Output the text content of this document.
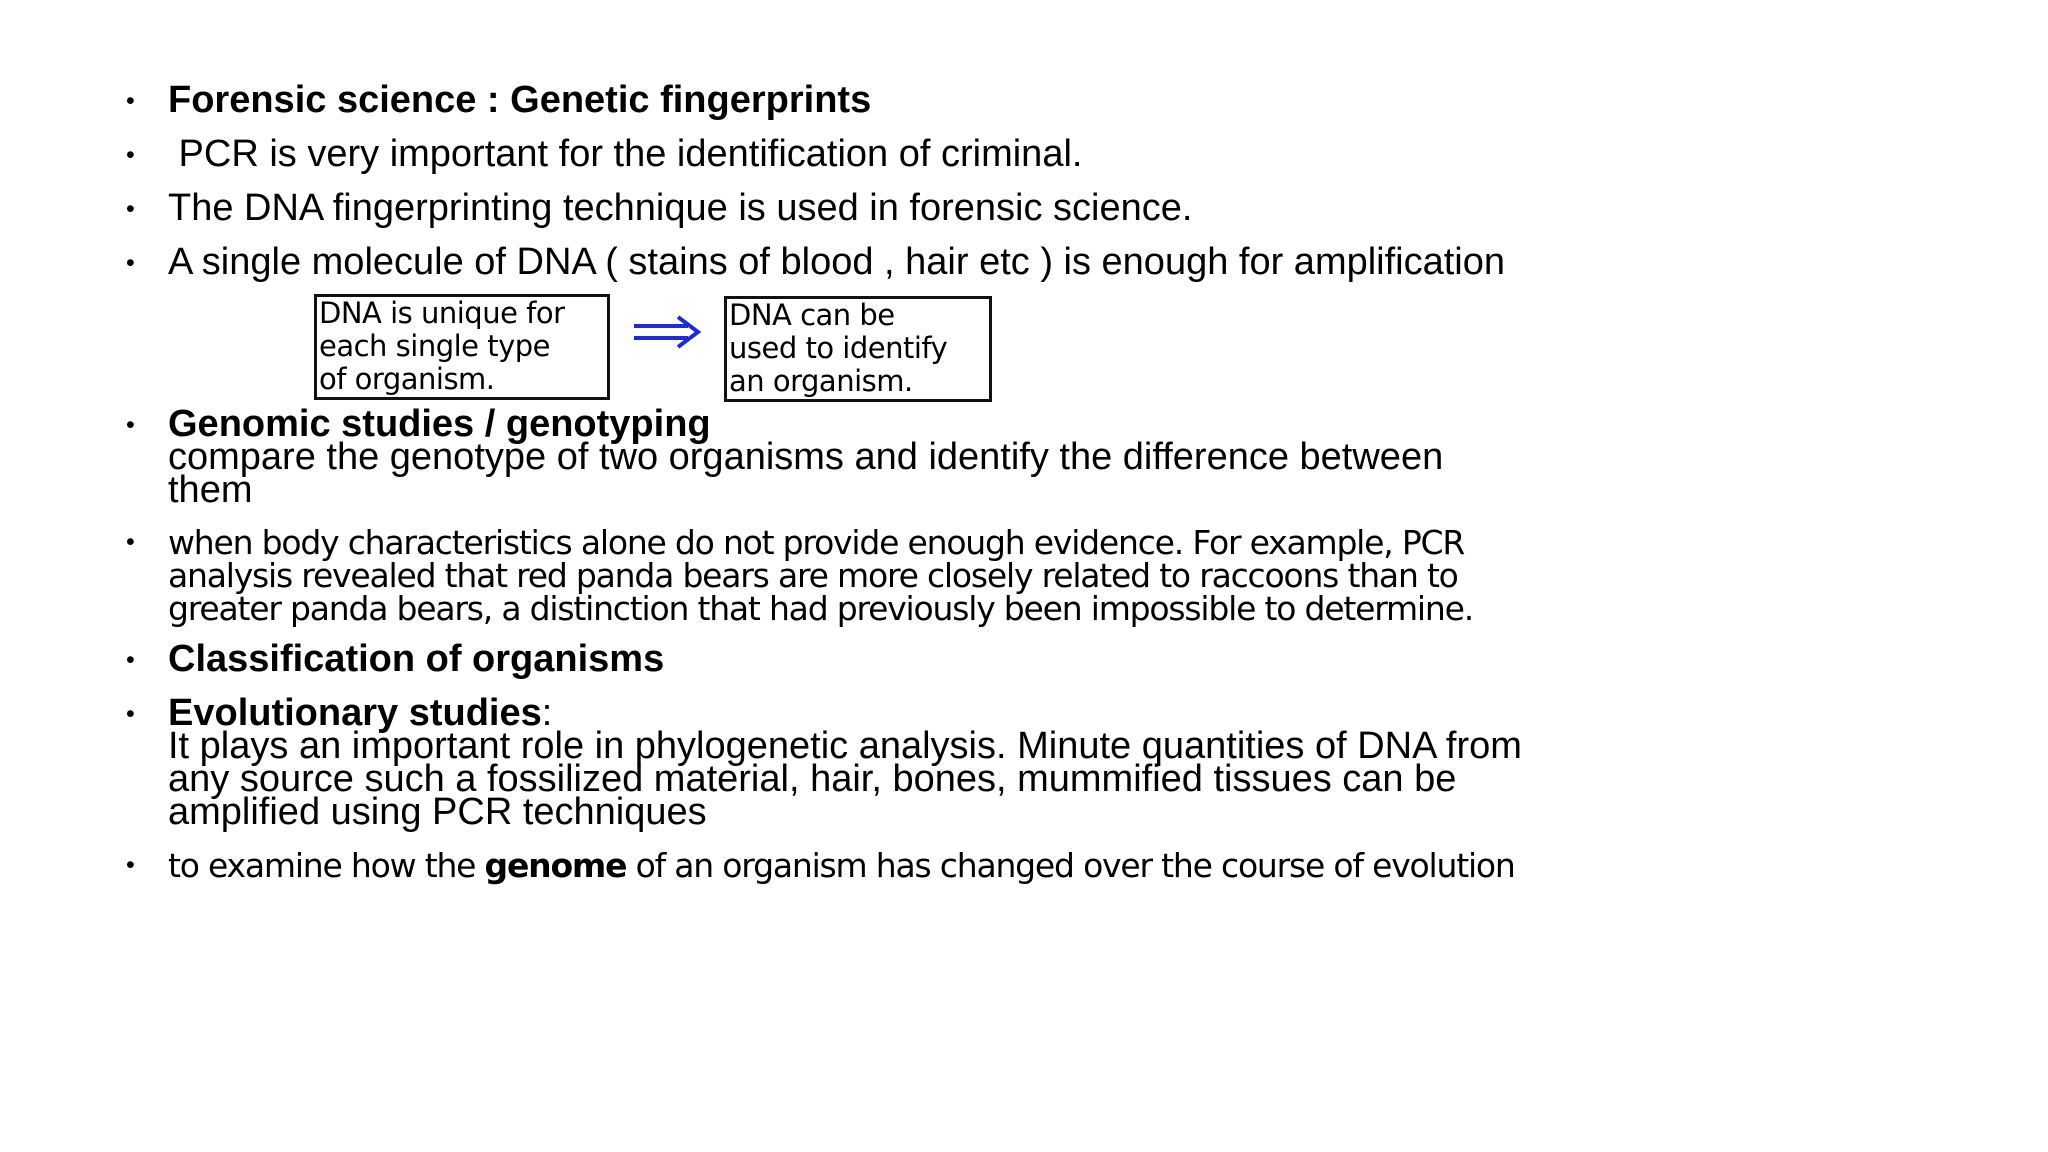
• Forensic science : Genetic fingerprints
• PCR is very important for the identification of criminal.
• The DNA fingerprinting technique is used in forensic science.
• A single molecule of DNA ( stains of blood , hair etc ) is enough for amplification
DNA is unique for
each single type
of organism.
DNA can be
used to identify
an organism.
• Genomic studies / genotyping
compare the genotype of two organisms and identify the difference between
them
• when body characteristics alone do not provide enough evidence. For example, PCR
analysis revealed that red panda bears are more closely related to raccoons than to
greater panda bears, a distinction that had previously been impossible to determine.
• Classification of organisms
• Evolutionary studies:
It plays an important role in phylogenetic analysis. Minute quantities of DNA from
any source such a fossilized material, hair, bones, mummified tissues can be
amplified using PCR techniques
• to examine how the genome of an organism has changed over the course of evolution
